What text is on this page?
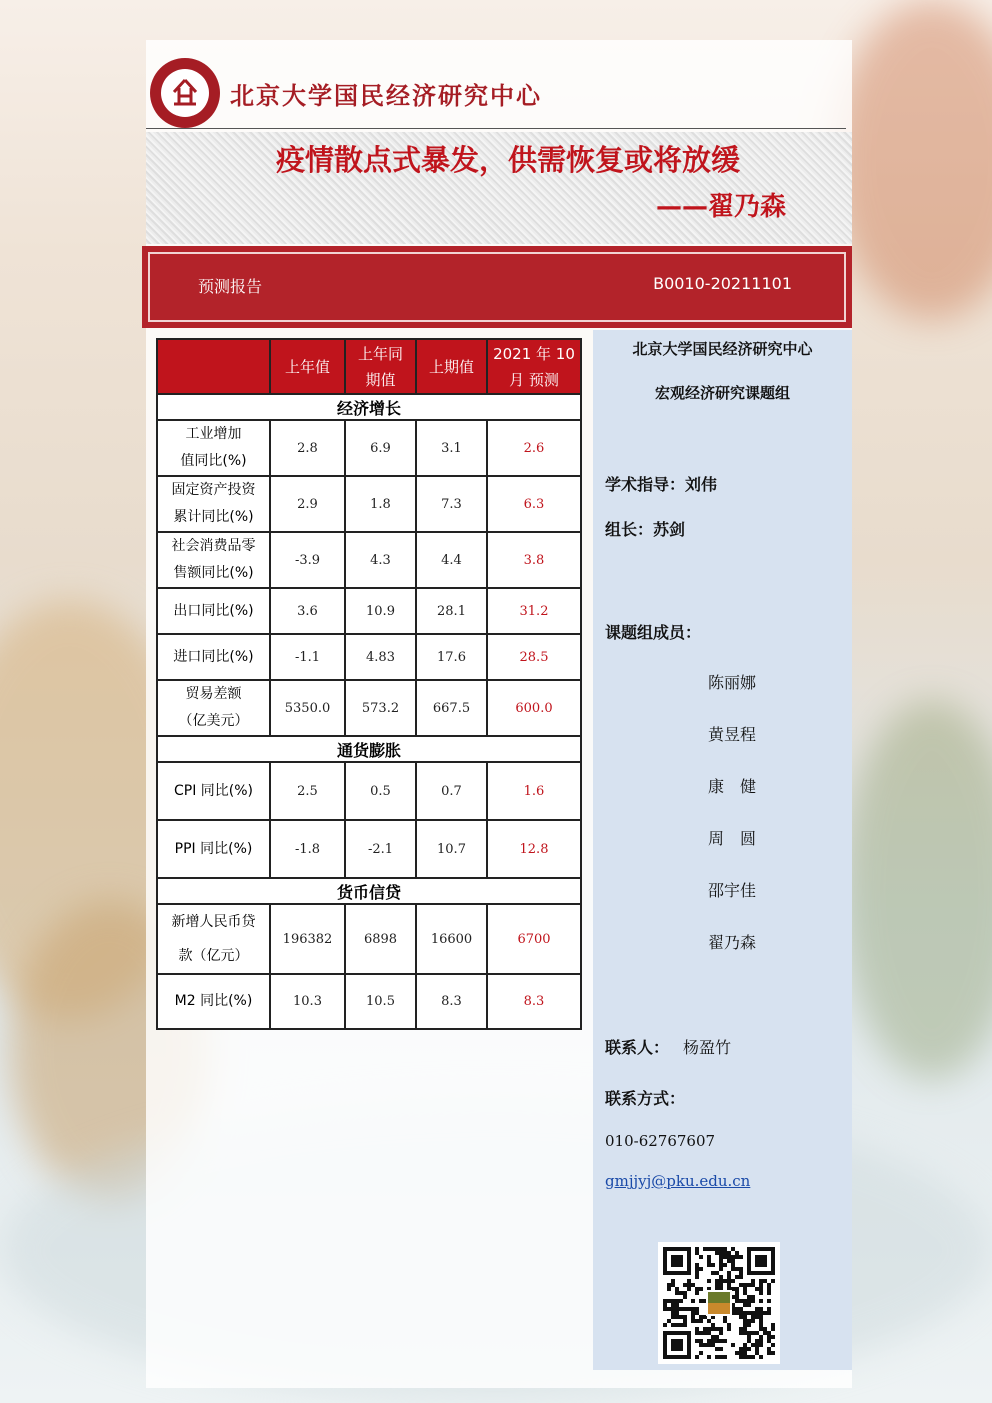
北京大学国民经济研究中心
疫情散点式暴发，供需恢复或将放缓
——翟乃森
预测报告	B0010-20211101
	上年值	上年同
期值	上期值	2021 年 10
月 预测
经济增长				
工业增加
值同比(%)	2.8	6.9	3.1	2.6
固定资产投资
累计同比(%)	2.9	1.8	7.3	6.3
社会消费品零
售额同比(%)	-3.9	4.3	4.4	3.8
出口同比(%)	3.6	10.9	28.1	31.2
进口同比(%)	-1.1	4.83	17.6	28.5
贸易差额
（亿美元）	5350.0	573.2	667.5	600.0
通货膨胀				
CPI 同比(%)	2.5	0.5	0.7	1.6
PPI 同比(%)	-1.8	-2.1	10.7	12.8
货币信贷				
新增人民币贷
款（亿元）	196382	6898	16600	6700
M2 同比(%)	10.3	10.5	8.3	8.3
北京大学国民经济研究中心
宏观经济研究课题组
学术指导：刘伟
组长：苏剑
课题组成员：
陈丽娜
黄昱程
康　健
周　圆
邵宇佳
翟乃森
联系人： 杨盈竹
联系方式：
010-62767607
gmjjyj@pku.edu.cn
